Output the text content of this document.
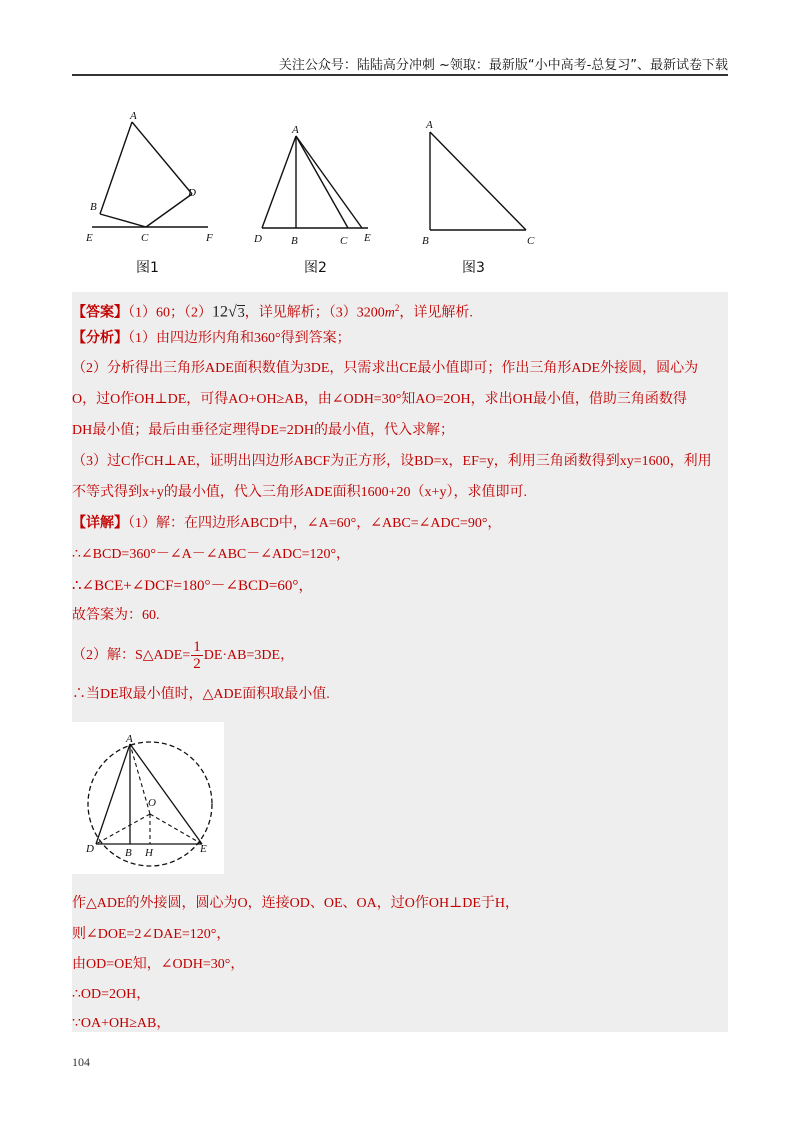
关注公众号：陆陆高分冲刺 ~领取：最新版“小中高考-总复习”、最新试卷下载
A
B
C
D
E	F
A
D	B	C E
A
B	C
图1	图2	图3
【答案】（1）60；（2）12√3，详见解析；$(3)3200m^2$，详见解析.
【分析】（1）由四边形内角和360°得到答案；
（2）分析得出三角形ADE面积数值为3DE，只需求出CE最小值即可；作出三角形ADE外接圆，圆心为
O，过O作OH⊥DE，可得AO+OH≥AB，由∠ODH=30°知AO=2OH，求出OH最小值，借助三角函数得
DH最小值；最后由垂径定理得DE=2DH的最小值，代入求解；
（3）过C作CH⊥AE，证明出四边形ABCF为正方形，设BD=x，EF=y，利用三角函数得到xy=1600，利用
不等式得到x+y的最小值，代入三角形ADE面积1600+20（x+y），求值即可.
【详解】（1）解：在四边形ABCD中，∠A=60°，∠ABC=∠ADC=90°，
∴∠BCD=360°－∠A－∠ABC－∠ADC=120°，
∴∠BCE+∠DCF=180°－∠BCD=60°，
故答案为：60.
（2）解：S△ADE= $\frac{1}{2} DE\cdot AB=3DE$，
∴当DE取最小值时，△ADE面积取最小值.
A
O
D	B H	E
作△ADE的外接圆，圆心为O，连接OD、OE、OA，过O作OH⊥DE于H，
则∠DOE=2∠DAE=120°，
由OD=OE知，∠ODH=30°，
∴OD=2OH，
∵OA+OH≥AB，
104
